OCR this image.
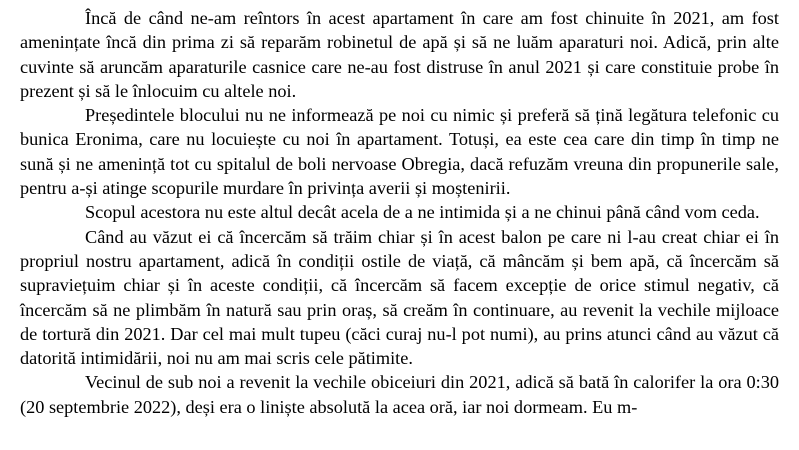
Încă de când ne-am reîntors în acest apartament în care am fost chinuite în 2021, am fost amenințate încă din prima zi să reparăm robinetul de apă și să ne luăm aparaturi noi. Adică, prin alte cuvinte să aruncăm aparaturile casnice care ne-au fost distruse în anul 2021 și care constituie probe în prezent și să le înlocuim cu altele noi.

Președintele blocului nu ne informează pe noi cu nimic și preferă să țină legătura telefonic cu bunica Eronima, care nu locuiește cu noi în apartament. Totuși, ea este cea care din timp în timp ne sună și ne amenință tot cu spitalul de boli nervoase Obregia, dacă refuzăm vreuna din propunerile sale, pentru a-și atinge scopurile murdare în privința averii și moștenirii.

Scopul acestora nu este altul decât acela de a ne intimida și a ne chinui până când vom ceda.

Când au văzut ei că încercăm să trăim chiar și în acest balon pe care ni l-au creat chiar ei în propriul nostru apartament, adică în condiții ostile de viață, că mâncăm și bem apă, că încercăm să supraviețuim chiar și în aceste condiții, că încercăm să facem excepție de orice stimul negativ, că încercăm să ne plimbăm în natură sau prin oraș, să creăm în continuare, au revenit la vechile mijloace de tortură din 2021. Dar cel mai mult tupeu (căci curaj nu-l pot numi), au prins atunci când au văzut că datorită intimidării, noi nu am mai scris cele pătimite.

Vecinul de sub noi a revenit la vechile obiceiuri din 2021, adică să bată în calorifer la ora 0:30 (20 septembrie 2022), deși era o liniște absolută la acea oră, iar noi dormeam. Eu m-
